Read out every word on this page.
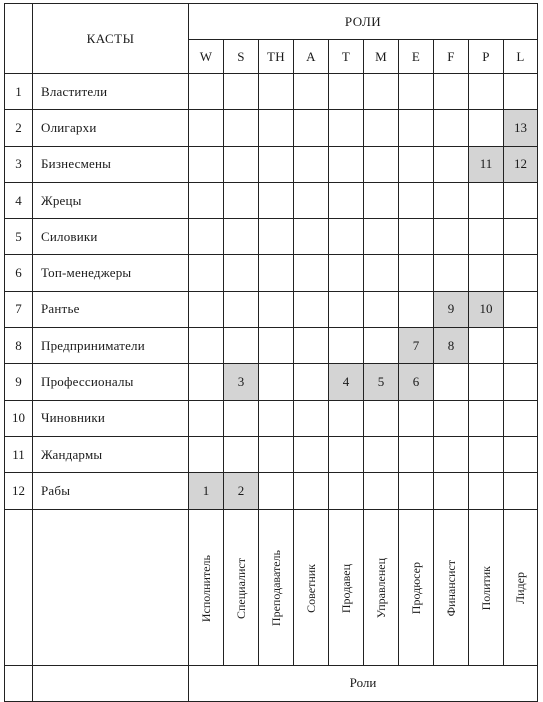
	КАСТЫ	РОЛИ									
		W	S	TH	A	T	M	E	F	P	L
1	Властители										
2	Олигархи										13
3	Бизнесмены									11	12
4	Жрецы										
5	Силовики										
6	Топ-менеджеры										
7	Рантье								9	10	
8	Предприниматели							7	8		
9	Профессионалы		3			4	5	6			
10	Чиновники										
11	Жандармы										
12	Рабы	1	2								
		Исполнитель	Специалист	Преподаватель	Советник	Продавец	Управленец	Продюсер	Финансист	Политик	Лидер
		Роли									
